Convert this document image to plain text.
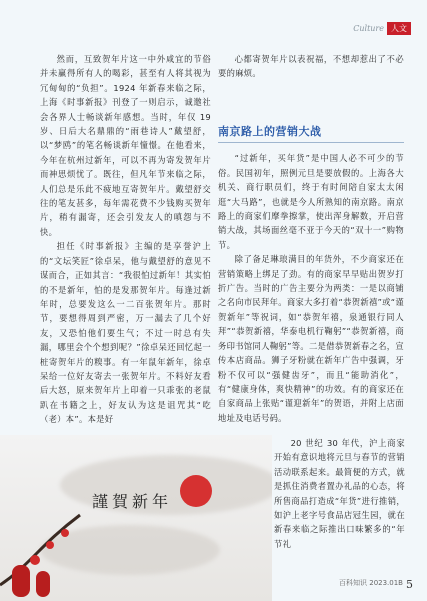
Culture 人文

然而，互致贺年片这一中外咸宜的节俗并未赢得所有人的喝彩，甚至有人将其视为冗甸甸的“负担”。1924 年新春来临之际，上海《时事新报》刊登了一则启示，诚邀社会各界人士畅谈新年感想。当时，年仅 19 岁、日后大名鼎鼎的“雨巷诗人”戴望舒，以“梦鸥”的笔名畅谈新年憧憬。在他看来，今年在杭州过新年，可以不再为寄发贺年片而神思烦忧了。既往，但凡年节来临之际，人们总是乐此不疲地互寄贺年片。戴望舒交往的笔友甚多，每年需花费不少钱购买贺年片，稍有漏寄，还会引发友人的嗔怨与不快。

担任《时事新报》主编的是享誉沪上的“文坛笑匠”徐卓呆，他与戴望舒的意见不谋而合，正如其言：“我很怕过新年！其实怕的不是新年，怕的是发那贺年片。每逢过新年时，总要发这么一二百张贺年片。那时节，要想得周到严密，万一漏去了几个好友，又恐怕他们要生气；不过一时总有失漏，哪里会个个想到呢？”徐卓呆还回忆起一桩寄贺年片的糗事。有一年鼠年新年，徐卓呆给一位好友寄去一张贺年片。不料好友看后大怒，原来贺年片上印着一只乖张的老鼠趴在书籍之上，好友认为这是诅咒其“吃（老）本”。本是好

心都寄贺年片以表祝福，不想却惹出了不必要的麻烦。

南京路上的营销大战

“过新年，买年货”是中国人必不可少的节俗。民国初年，照例元旦是要放假的。上海各大机关、商行职员们，终于有时间陪自家太太闲逛“大马路”，也就是今人所熟知的南京路。南京路上的商家们摩拳擦掌，使出浑身解数，开启营销大战，其场面丝毫不亚于今天的“双十一”购物节。

除了备足琳琅满目的年货外，不少商家还在营销策略上绑足了劲。有的商家早早贴出贺岁打折广告。当时的广告主要分为两类：一是以商铺之名向市民拜年。商家大多打着“恭贺新禧”或“谨贺新年”等祝词，如“恭贺年禧，泉通银行同人拜”“恭贺新禧，华泰电机行鞠躬”“恭贺新禧，商务印书馆同人鞠躬”等。二是借恭贺新春之名，宣传本店商品。狮子牙粉就在新年广告中强调，牙粉不仅可以“强健齿牙”，而且“能助消化”，有“健康身体，爽快精神”的功效。有的商家还在自家商品上张贴“谨迎新年”的贺语，并附上店面地址及电话号码。

20 世纪 30 年代，沪上商家开始有意识地将元旦与春节的营销活动联系起来。最简便的方式，就是抓住消费者置办礼品的心态，将所售商品打造成“年货”进行推销，如沪上老字号食品店冠生园，就在新春来临之际推出口味繁多的“年节礼

謹賀新年
百科知识 2023.01B 5
